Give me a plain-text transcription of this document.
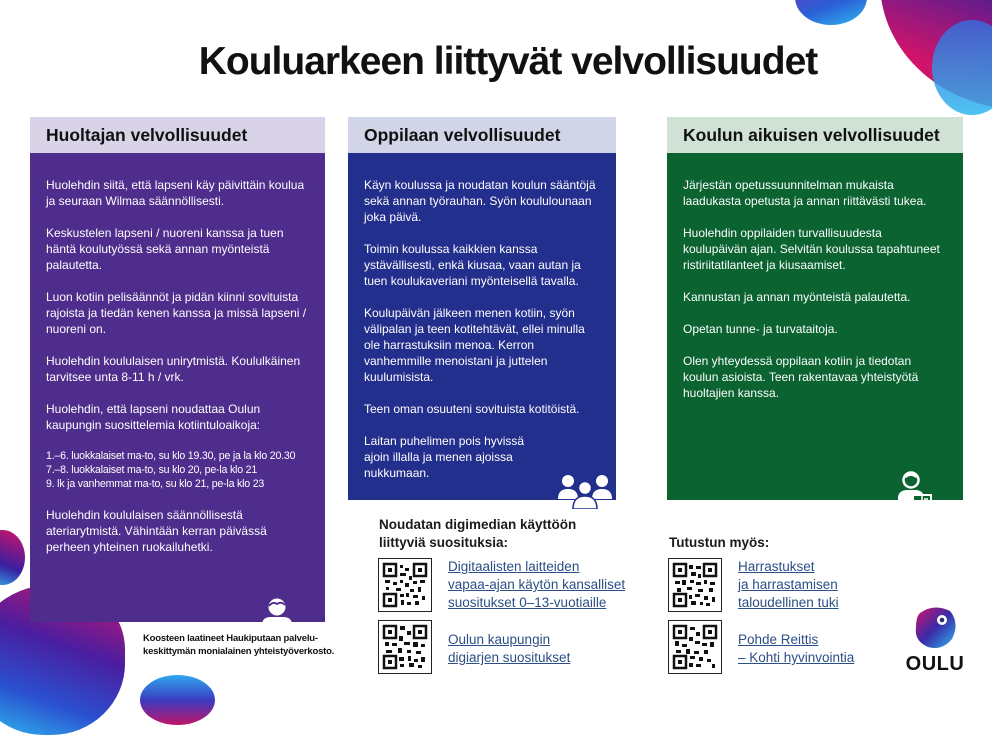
Kouluarkeen liittyvät velvollisuudet
Huoltajan velvollisuudet

Huolehdin siitä, että lapseni käy päivittäin koulua ja seuraan Wilmaa säännöllisesti.

Keskustelen lapseni / nuoreni kanssa ja tuen häntä koulutyössä sekä annan myönteistä palautetta.

Luon kotiin pelisäännöt ja pidän kiinni sovituista rajoista ja tiedän kenen kanssa ja missä lapseni / nuoreni on.

Huolehdin koululaisen unirytmistä. Koululkäinen tarvitsee unta 8-11 h / vrk.

Huolehdin, että lapseni noudattaa Oulun kaupungin suosittelemia kotiintuloaikoja:

1.–6. luokkalaiset ma-to, su klo 19.30, pe ja la klo 20.30
7.–8. luokkalaiset ma-to, su klo 20, pe-la klo 21
9. lk ja vanhemmat ma-to, su klo 21, pe-la klo 23

Huolehdin koululaisen säännöllisestä ateriarytmistä. Vähintään kerran päivässä perheen yhteinen ruokailuhetki.

Oppilaan velvollisuudet

Käyn koulussa ja noudatan koulun sääntöjä sekä annan työrauhan. Syön koululounaan joka päivä.

Toimin koulussa kaikkien kanssa ystävällisesti, enkä kiusaa, vaan autan ja tuen koulukaveriani myönteisellä tavalla.

Koulupäivän jälkeen menen kotiin, syön välipalan ja teen kotitehtävät, ellei minulla ole harrastuksiin menoa. Kerron vanhemmille menoistani ja juttelen kuulumisista.

Teen oman osuuteni sovituista kotitöistä.

Laitan puhelimen pois hyvissä ajoin illalla ja menen ajoissa nukkumaan.

Koulun aikuisen velvollisuudet

Järjestän opetussuunnitelman mukaista laadukasta opetusta ja annan riittävästi tukea.

Huolehdin oppilaiden turvallisuudesta koulupäivän ajan. Selvitän koulussa tapahtuneet ristiriitatilanteet ja kiusaamiset.

Kannustan ja annan myönteistä palautetta.

Opetan tunne- ja turvataitoja.

Olen yhteydessä oppilaan kotiin ja tiedotan koulun asioista. Teen rakentavaa yhteistyötä huoltajien kanssa.

Koosteen laatineet Haukiputaan palvelu-
keskittymän monialainen yhteistyöverkosto.
Noudatan digimedian käyttöön
liittyviä suosituksia:
Digitaalisten laitteiden
vapaa-ajan käytön kansalliset
suositukset 0–13-vuotiaille
Oulun kaupungin
digiarjen suositukset
Tutustun myös:
Harrastukset
ja harrastamisen
taloudellinen tuki
Pohde Reittis
– Kohti hyvinvointia	OULU
